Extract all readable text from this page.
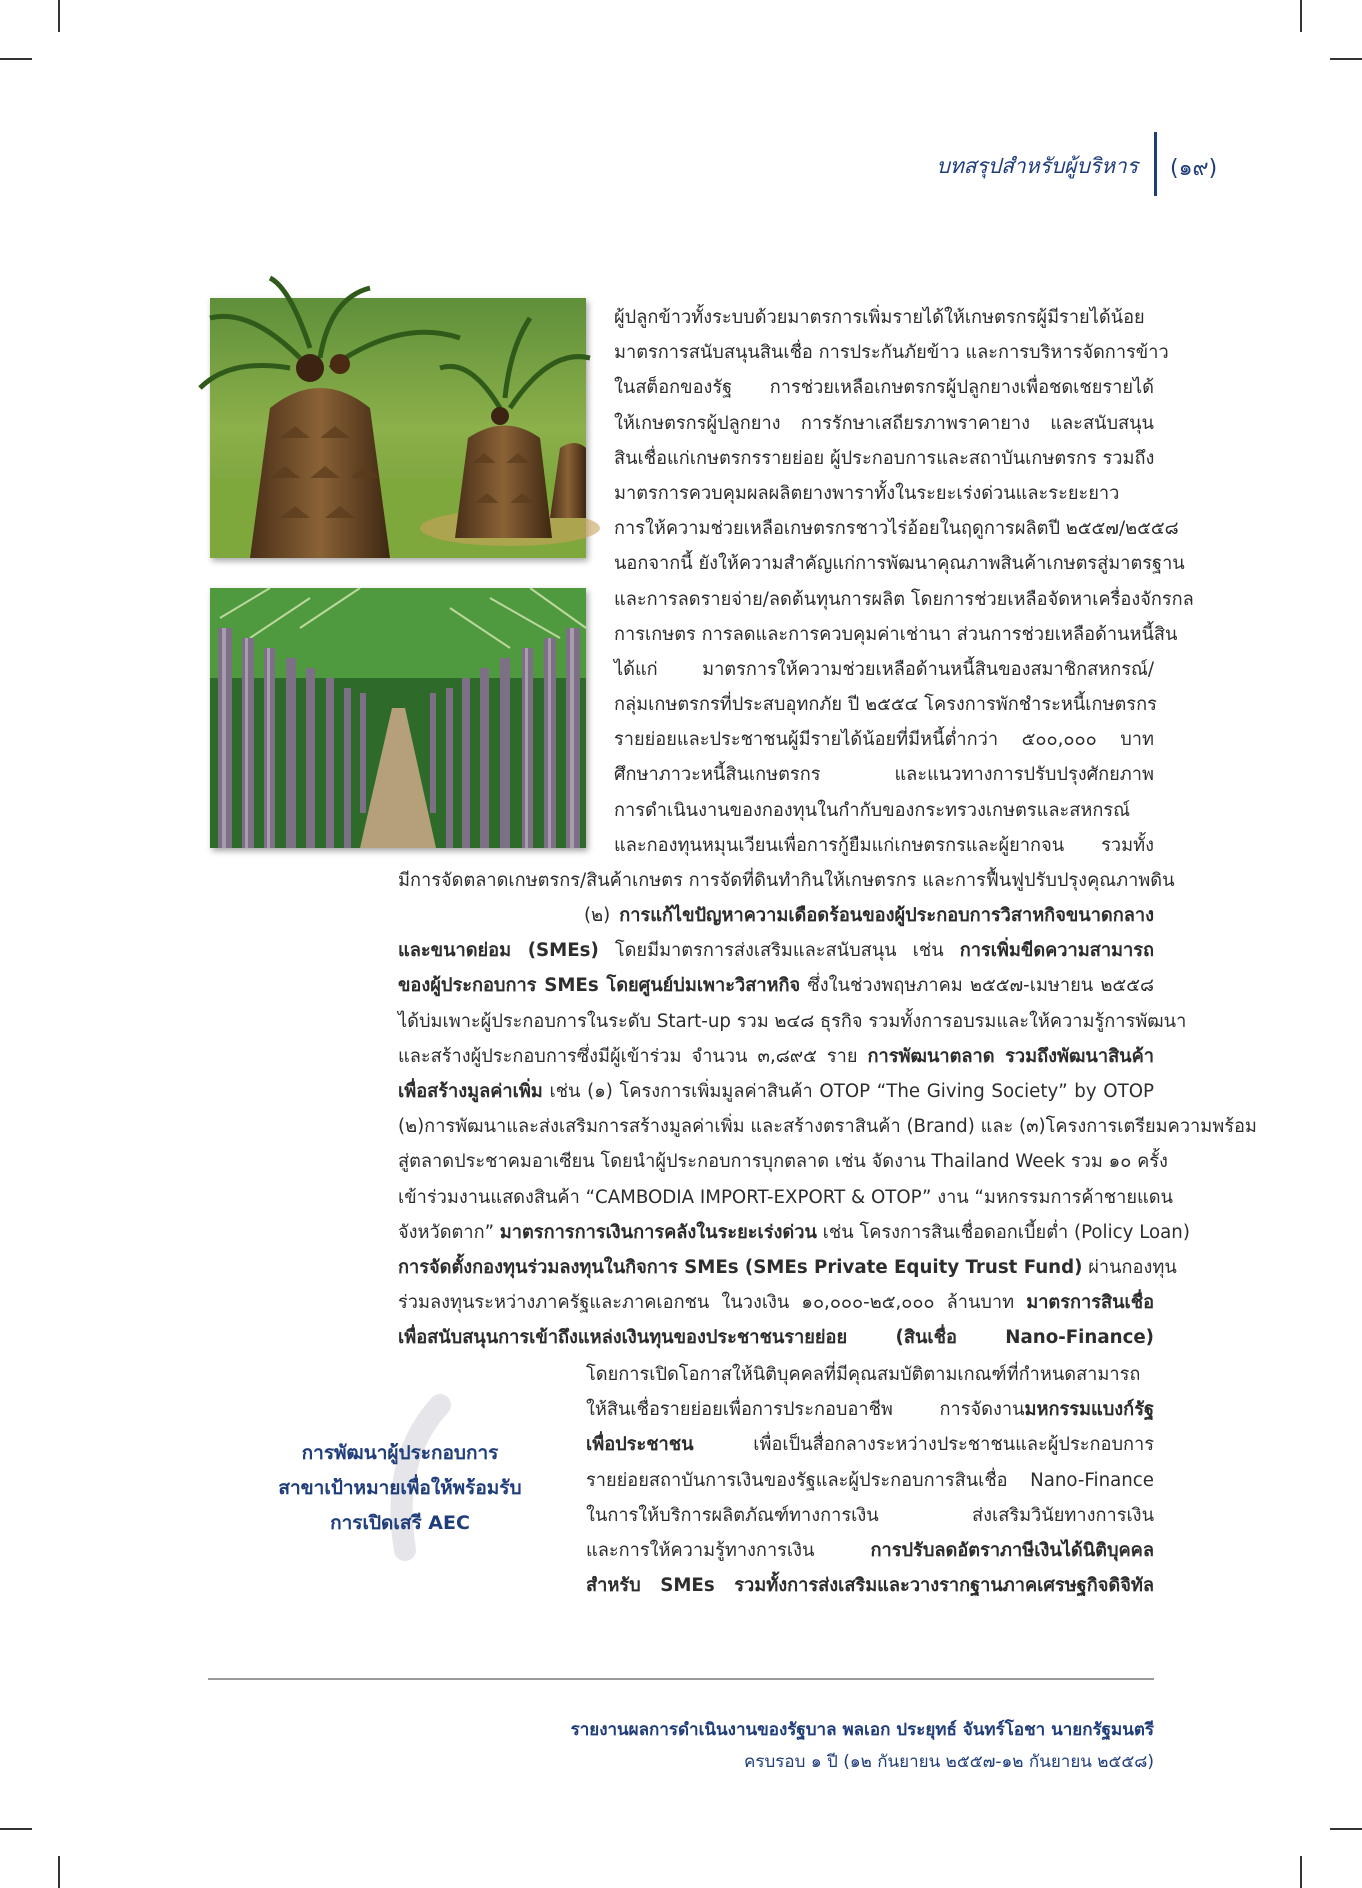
บทสรุปสำหรับผู้บริหาร (๑๙)
ผู้ปลูกข้าวทั้งระบบด้วยมาตรการเพิ่มรายได้ให้เกษตรกรผู้มีรายได้น้อย
มาตรการสนับสนุนสินเชื่อ การประกันภัยข้าว และการบริหารจัดการข้าว
ในสต็อกของรัฐ การช่วยเหลือเกษตรกรผู้ปลูกยางเพื่อชดเชยรายได้
ให้เกษตรกรผู้ปลูกยาง การรักษาเสถียรภาพราคายาง และสนับสนุน
สินเชื่อแก่เกษตรกรรายย่อย ผู้ประกอบการและสถาบันเกษตรกร รวมถึง
มาตรการควบคุมผลผลิตยางพาราทั้งในระยะเร่งด่วนและระยะยาว
การให้ความช่วยเหลือเกษตรกรชาวไร่อ้อยในฤดูการผลิตปี ๒๕๕๗/๒๕๕๘
นอกจากนี้ ยังให้ความสำคัญแก่การพัฒนาคุณภาพสินค้าเกษตรสู่มาตรฐาน
และการลดรายจ่าย/ลดต้นทุนการผลิต โดยการช่วยเหลือจัดหาเครื่องจักรกล
การเกษตร การลดและการควบคุมค่าเช่านา ส่วนการช่วยเหลือด้านหนี้สิน
ได้แก่ มาตรการให้ความช่วยเหลือด้านหนี้สินของสมาชิกสหกรณ์/
กลุ่มเกษตรกรที่ประสบอุทกภัย ปี ๒๕๕๔ โครงการพักชำระหนี้เกษตรกร
รายย่อยและประชาชนผู้มีรายได้น้อยที่มีหนี้ต่ำกว่า ๕๐๐,๐๐๐ บาท
ศึกษาภาวะหนี้สินเกษตรกร และแนวทางการปรับปรุงศักยภาพ
การดำเนินงานของกองทุนในกำกับของกระทรวงเกษตรและสหกรณ์
และกองทุนหมุนเวียนเพื่อการกู้ยืมแก่เกษตรกรและผู้ยากจน รวมทั้ง
มีการจัดตลาดเกษตรกร/สินค้าเกษตร การจัดที่ดินทำกินให้เกษตรกร และการฟื้นฟูปรับปรุงคุณภาพดิน
(๒) การแก้ไขปัญหาความเดือดร้อนของผู้ประกอบการวิสาหกิจขนาดกลาง
และขนาดย่อม (SMEs) โดยมีมาตรการส่งเสริมและสนับสนุน เช่น การเพิ่มขีดความสามารถ
ของผู้ประกอบการ SMEs โดยศูนย์บ่มเพาะวิสาหกิจ ซึ่งในช่วงพฤษภาคม ๒๕๕๗-เมษายน ๒๕๕๘
ได้บ่มเพาะผู้ประกอบการในระดับ Start-up รวม ๒๔๘ ธุรกิจ รวมทั้งการอบรมและให้ความรู้การพัฒนา
และสร้างผู้ประกอบการซึ่งมีผู้เข้าร่วม จำนวน ๓,๘๙๕ ราย การพัฒนาตลาด รวมถึงพัฒนาสินค้า
เพื่อสร้างมูลค่าเพิ่ม เช่น (๑) โครงการเพิ่มมูลค่าสินค้า OTOP “The Giving Society” by OTOP
(๒)การพัฒนาและส่งเสริมการสร้างมูลค่าเพิ่ม และสร้างตราสินค้า (Brand) และ (๓)โครงการเตรียมความพร้อม
สู่ตลาดประชาคมอาเซียน โดยนำผู้ประกอบการบุกตลาด เช่น จัดงาน Thailand Week รวม ๑๐ ครั้ง
เข้าร่วมงานแสดงสินค้า “CAMBODIA IMPORT-EXPORT & OTOP” งาน “มหกรรมการค้าชายแดน
จังหวัดตาก” มาตรการการเงินการคลังในระยะเร่งด่วน เช่น โครงการสินเชื่อดอกเบี้ยต่ำ (Policy Loan)
การจัดตั้งกองทุนร่วมลงทุนในกิจการ SMEs (SMEs Private Equity Trust Fund) ผ่านกองทุน
ร่วมลงทุนระหว่างภาครัฐและภาคเอกชน ในวงเงิน ๑๐,๐๐๐-๒๕,๐๐๐ ล้านบาท มาตรการสินเชื่อ
เพื่อสนับสนุนการเข้าถึงแหล่งเงินทุนของประชาชนรายย่อย (สินเชื่อ Nano-Finance)
โดยการเปิดโอกาสให้นิติบุคคลที่มีคุณสมบัติตามเกณฑ์ที่กำหนดสามารถ
ให้สินเชื่อรายย่อยเพื่อการประกอบอาชีพ การจัดงานมหกรรมแบงก์รัฐ
เพื่อประชาชน เพื่อเป็นสื่อกลางระหว่างประชาชนและผู้ประกอบการ
รายย่อยสถาบันการเงินของรัฐและผู้ประกอบการสินเชื่อ Nano-Finance
ในการให้บริการผลิตภัณฑ์ทางการเงิน ส่งเสริมวินัยทางการเงิน
และการให้ความรู้ทางการเงิน การปรับลดอัตราภาษีเงินได้นิติบุคคล
สำหรับ SMEs รวมทั้งการส่งเสริมและวางรากฐานภาคเศรษฐกิจดิจิทัล
การพัฒนาผู้ประกอบการ
สาขาเป้าหมายเพื่อให้พร้อมรับ
การเปิดเสรี AEC
รายงานผลการดำเนินงานของรัฐบาล พลเอก ประยุทธ์ จันทร์โอชา นายกรัฐมนตรี
ครบรอบ ๑ ปี (๑๒ กันยายน ๒๕๕๗-๑๒ กันยายน ๒๕๕๘)
